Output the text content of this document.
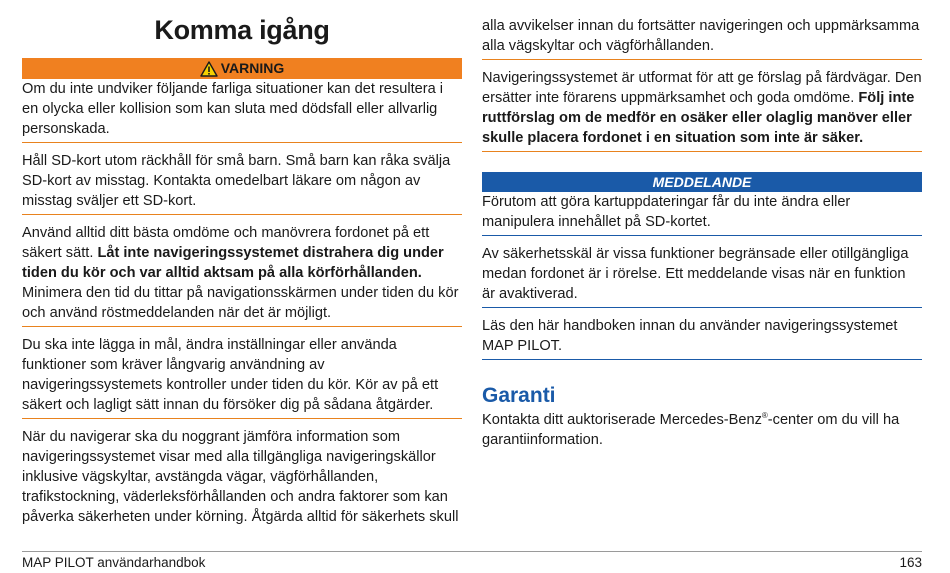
Komma igång
VARNING

Om du inte undviker följande farliga situationer kan det resultera i en olycka eller kollision som kan sluta med dödsfall eller allvarlig personskada.

Håll SD-kort utom räckhåll för små barn. Små barn kan råka svälja SD-kort av misstag. Kontakta omedelbart läkare om någon av misstag sväljer ett SD-kort.

Använd alltid ditt bästa omdöme och manövrera fordonet på ett säkert sätt. Låt inte navigeringssystemet distrahera dig under tiden du kör och var alltid aktsam på alla körförhållanden. Minimera den tid du tittar på navigationsskärmen under tiden du kör och använd röstmeddelanden när det är möjligt.

Du ska inte lägga in mål, ändra inställningar eller använda funktioner som kräver långvarig användning av navigeringssystemets kontroller under tiden du kör. Kör av på ett säkert och lagligt sätt innan du försöker dig på sådana åtgärder.

När du navigerar ska du noggrant jämföra information som navigeringssystemet visar med alla tillgängliga navigeringskällor inklusive vägskyltar, avstängda vägar, vägförhållanden, trafikstockning, väderleksförhållanden och andra faktorer som kan påverka säkerheten under körning. Åtgärda alltid för säkerhets skull

alla avvikelser innan du fortsätter navigeringen och uppmärksamma alla vägskyltar och vägförhållanden.

Navigeringssystemet är utformat för att ge förslag på färdvägar. Den ersätter inte förarens uppmärksamhet och goda omdöme. Följ inte ruttförslag om de medför en osäker eller olaglig manöver eller skulle placera fordonet i en situation som inte är säker.

MEDDELANDE

Förutom att göra kartuppdateringar får du inte ändra eller manipulera innehållet på SD-kortet.

Av säkerhetsskäl är vissa funktioner begränsade eller otillgängliga medan fordonet är i rörelse. Ett meddelande visas när en funktion är avaktiverad.

Läs den här handboken innan du använder navigeringssystemet MAP PILOT.

Garanti

Kontakta ditt auktoriserade Mercedes-Benz®-center om du vill ha garantiinformation.

MAP PILOT användarhandbok	163
